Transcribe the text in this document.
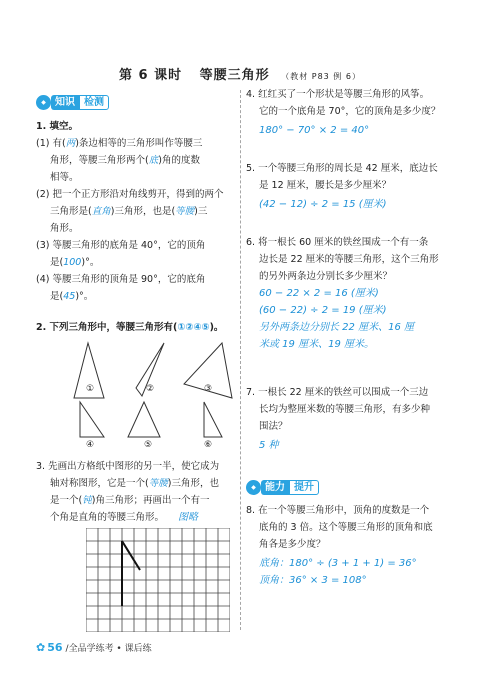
第 6 课时 等腰三角形 （教材 P83 例 6）
◆ 知识 检测
1. 填空。
(1) 有(两)条边相等的三角形叫作等腰三
角形，等腰三角形两个(底)角的度数
相等。
(2) 把一个正方形沿对角线剪开，得到的两个
三角形是(直角)三角形，也是(等腰)三
角形。
(3) 等腰三角形的底角是 40°，它的顶角
是(100)°。
(4) 等腰三角形的顶角是 90°，它的底角
是(45)°。
2. 下列三角形中，等腰三角形有(①②④⑤)。
①	②	③
④	⑤	⑥
3. 先画出方格纸中图形的另一半，使它成为
轴对称图形，它是一个(等腰)三角形，也
是一个(钝)角三角形；再画出一个有一
个角是直角的等腰三角形。 图略
4. 红红买了一个形状是等腰三角形的风筝。
它的一个底角是 70°，它的顶角是多少度？
180° − 70° × 2 = 40°
5. 一个等腰三角形的周长是 42 厘米，底边长
是 12 厘米，腰长是多少厘米？
(42 − 12) ÷ 2 = 15 (厘米)
6. 将一根长 60 厘米的铁丝围成一个有一条
边长是 22 厘米的等腰三角形，这个三角形
的另外两条边分别长多少厘米？
60 − 22 × 2 = 16 (厘米)
(60 − 22) ÷ 2 = 19 (厘米)
另外两条边分别长 22 厘米、16 厘
米或 19 厘米、19 厘米。
7. 一根长 22 厘米的铁丝可以围成一个三边
长均为整厘米数的等腰三角形，有多少种
围法？
5 种
◆ 能力 提升
8. 在一个等腰三角形中，顶角的度数是一个
底角的 3 倍。这个等腰三角形的顶角和底
角各是多少度？
底角：180° ÷ (3 + 1 + 1) = 36°
顶角：36° × 3 = 108°
✿ 56 /全品学练考 • 课后练
